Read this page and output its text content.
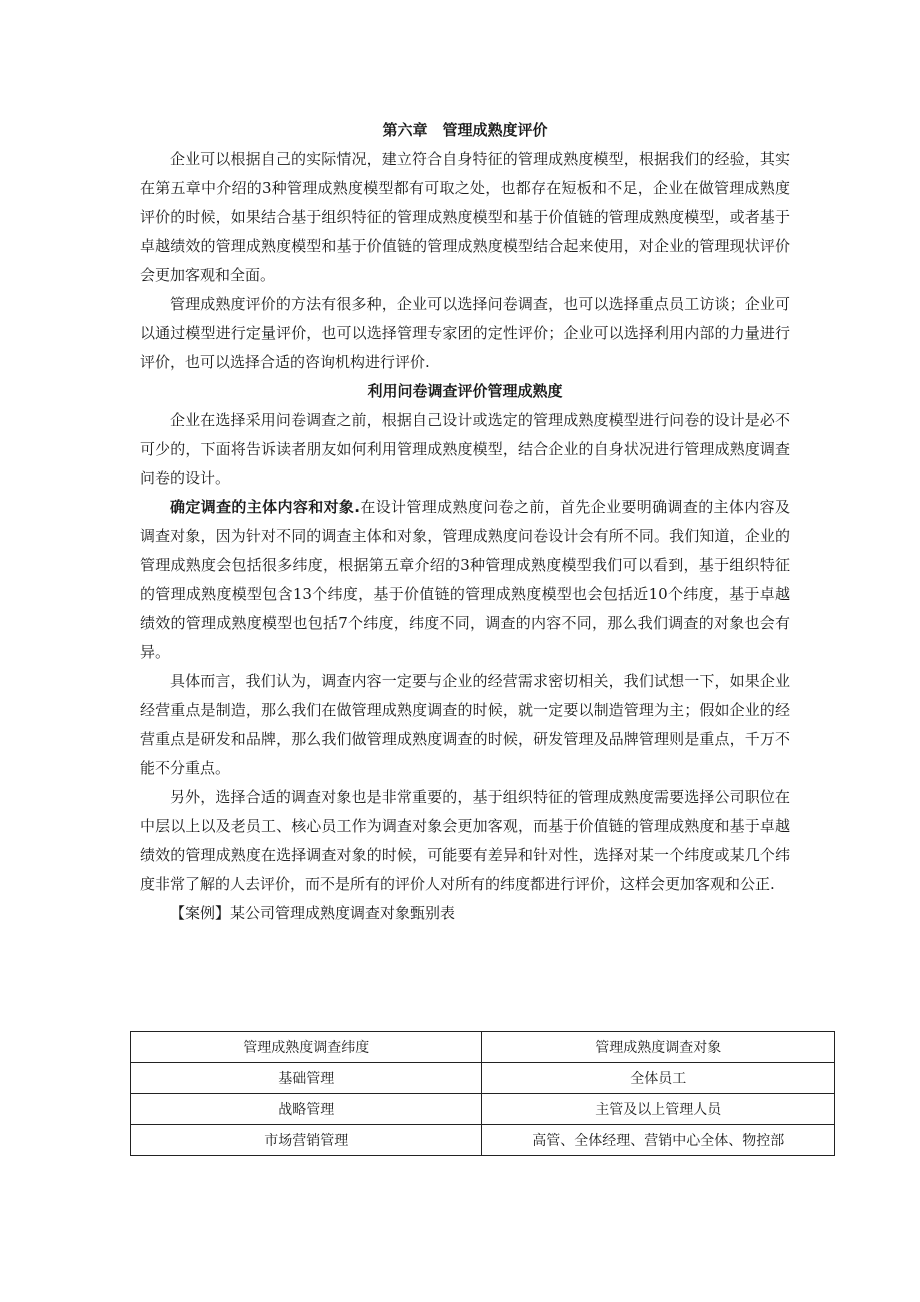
第六章　管理成熟度评价

企业可以根据自己的实际情况，建立符合自身特征的管理成熟度模型，根据我们的经验，其实在第五章中介绍的3种管理成熟度模型都有可取之处，也都存在短板和不足，企业在做管理成熟度评价的时候，如果结合基于组织特征的管理成熟度模型和基于价值链的管理成熟度模型，或者基于卓越绩效的管理成熟度模型和基于价值链的管理成熟度模型结合起来使用，对企业的管理现状评价会更加客观和全面。

管理成熟度评价的方法有很多种，企业可以选择问卷调查，也可以选择重点员工访谈；企业可以通过模型进行定量评价，也可以选择管理专家团的定性评价；企业可以选择利用内部的力量进行评价，也可以选择合适的咨询机构进行评价.

利用问卷调查评价管理成熟度

企业在选择采用问卷调查之前，根据自己设计或选定的管理成熟度模型进行问卷的设计是必不可少的，下面将告诉读者朋友如何利用管理成熟度模型，结合企业的自身状况进行管理成熟度调查问卷的设计。

确定调查的主体内容和对象.在设计管理成熟度问卷之前，首先企业要明确调查的主体内容及调查对象，因为针对不同的调查主体和对象，管理成熟度问卷设计会有所不同。我们知道，企业的管理成熟度会包括很多纬度，根据第五章介绍的3种管理成熟度模型我们可以看到，基于组织特征的管理成熟度模型包含13个纬度，基于价值链的管理成熟度模型也会包括近10个纬度，基于卓越绩效的管理成熟度模型也包括7个纬度，纬度不同，调查的内容不同，那么我们调查的对象也会有异。

具体而言，我们认为，调查内容一定要与企业的经营需求密切相关，我们试想一下，如果企业经营重点是制造，那么我们在做管理成熟度调查的时候，就一定要以制造管理为主；假如企业的经营重点是研发和品牌，那么我们做管理成熟度调查的时候，研发管理及品牌管理则是重点，千万不能不分重点。

另外，选择合适的调查对象也是非常重要的，基于组织特征的管理成熟度需要选择公司职位在中层以上以及老员工、核心员工作为调查对象会更加客观，而基于价值链的管理成熟度和基于卓越绩效的管理成熟度在选择调查对象的时候，可能要有差异和针对性，选择对某一个纬度或某几个纬度非常了解的人去评价，而不是所有的评价人对所有的纬度都进行评价，这样会更加客观和公正.

【案例】某公司管理成熟度调查对象甄别表

管理成熟度调查纬度	管理成熟度调查对象
基础管理	全体员工
战略管理	主管及以上管理人员
市场营销管理	高管、全体经理、营销中心全体、物控部
